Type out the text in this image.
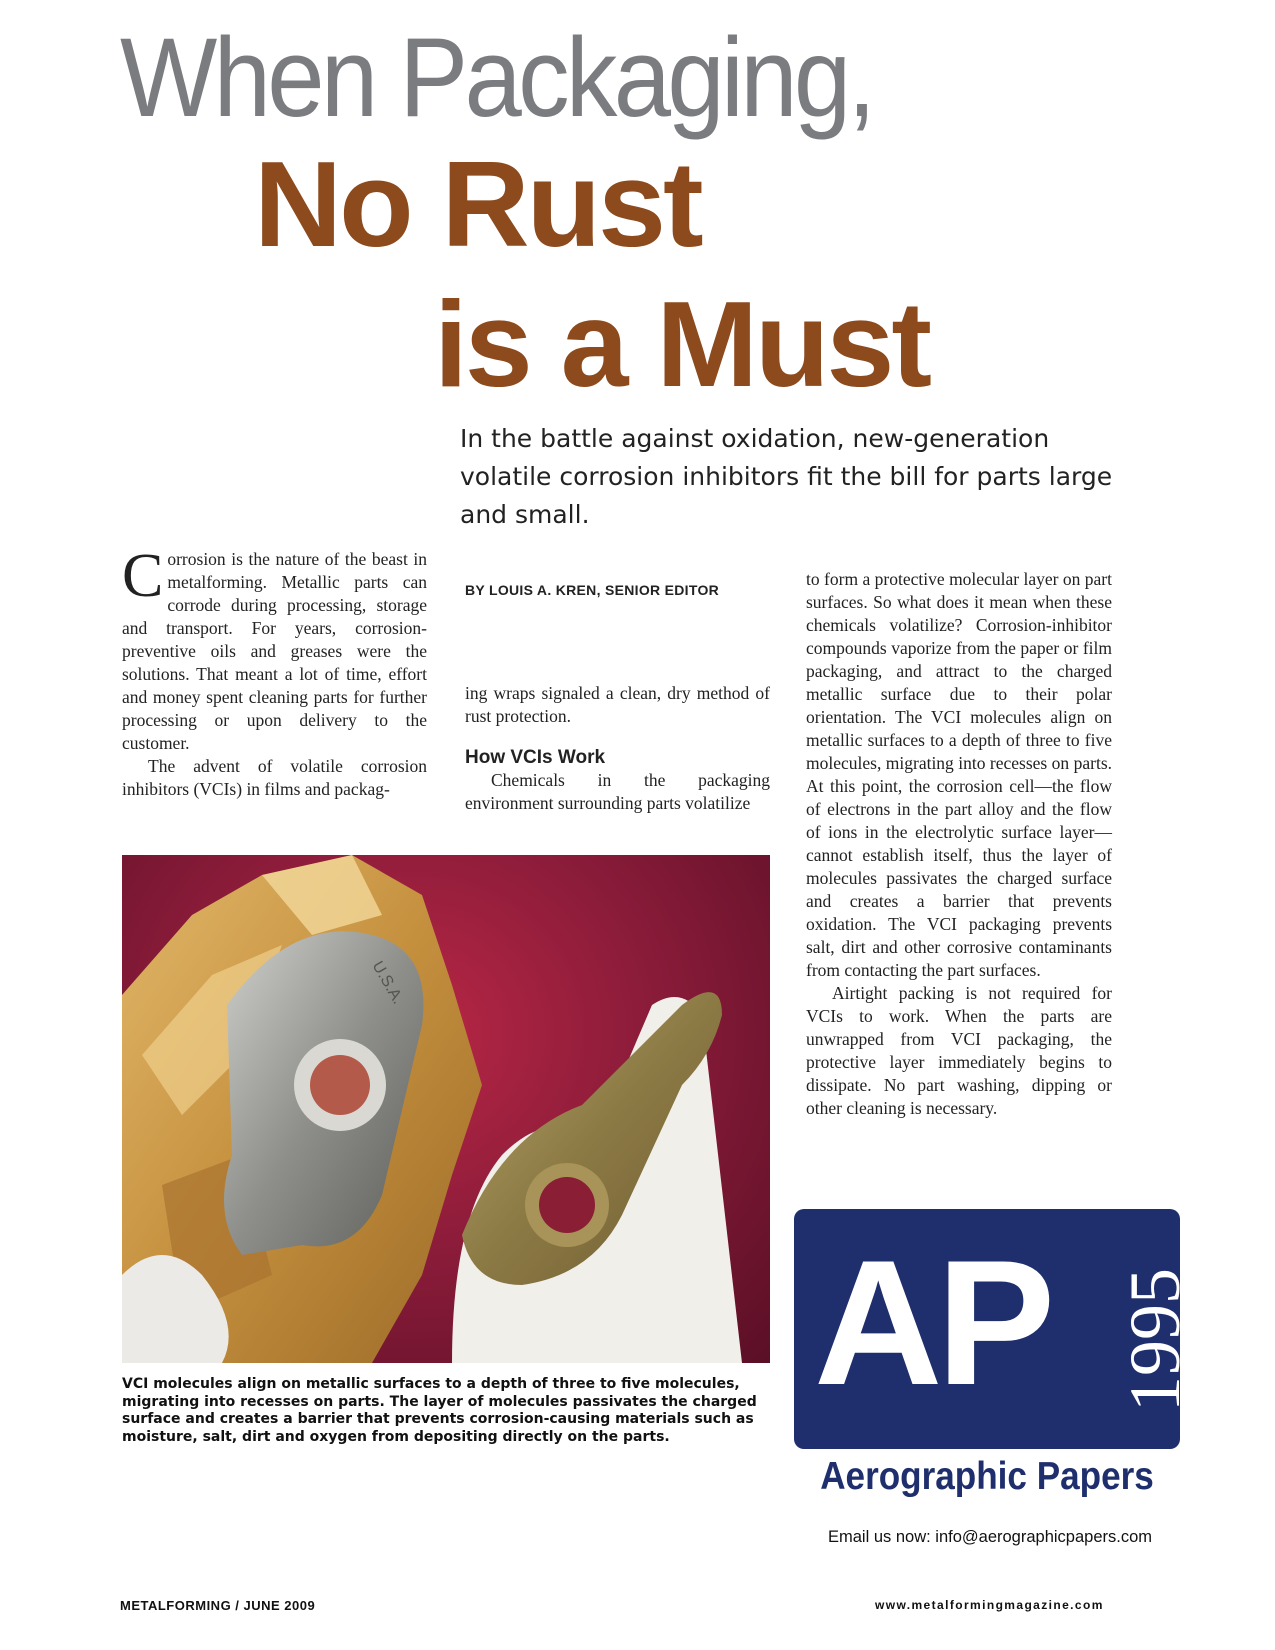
When Packaging,
No Rust
is a Must

In the battle against oxidation, new-generation volatile corrosion inhibitors fit the bill for parts large and small.

Corrosion is the nature of the beast in metalforming. Metallic parts can corrode during processing, storage and transport. For years, corrosion-preventive oils and greases were the solutions. That meant a lot of time, effort and money spent cleaning parts for further processing or upon delivery to the customer.

The advent of volatile corrosion inhibitors (VCIs) in films and packag-

BY LOUIS A. KREN, SENIOR EDITOR

ing wraps signaled a clean, dry method of rust protection.

How VCIs Work

Chemicals in the packaging environment surrounding parts volatilize

to form a protective molecular layer on part surfaces. So what does it mean when these chemicals volatilize? Corrosion-inhibitor compounds vaporize from the paper or film packaging, and attract to the charged metallic surface due to their polar orientation. The VCI molecules align on metallic surfaces to a depth of three to five molecules, migrating into recesses on parts. At this point, the corrosion cell—the flow of electrons in the part alloy and the flow of ions in the electrolytic surface layer—cannot establish itself, thus the layer of molecules passivates the charged surface and creates a barrier that prevents oxidation. The VCI packaging prevents salt, dirt and other corrosive contaminants from contacting the part surfaces.

Airtight packing is not required for VCIs to work. When the parts are unwrapped from VCI packaging, the protective layer immediately begins to dissipate. No part washing, dipping or other cleaning is necessary.

U.S.A.

VCI molecules align on metallic surfaces to a depth of three to five molecules, migrating into recesses on parts. The layer of molecules passivates the charged surface and creates a barrier that prevents corrosion-causing materials such as moisture, salt, dirt and oxygen from depositing directly on the parts.

AP 1995
Aerographic Papers
Email us now: info@aerographicpapers.com
METALFORMING / JUNE 2009	www.metalformingmagazine.com
